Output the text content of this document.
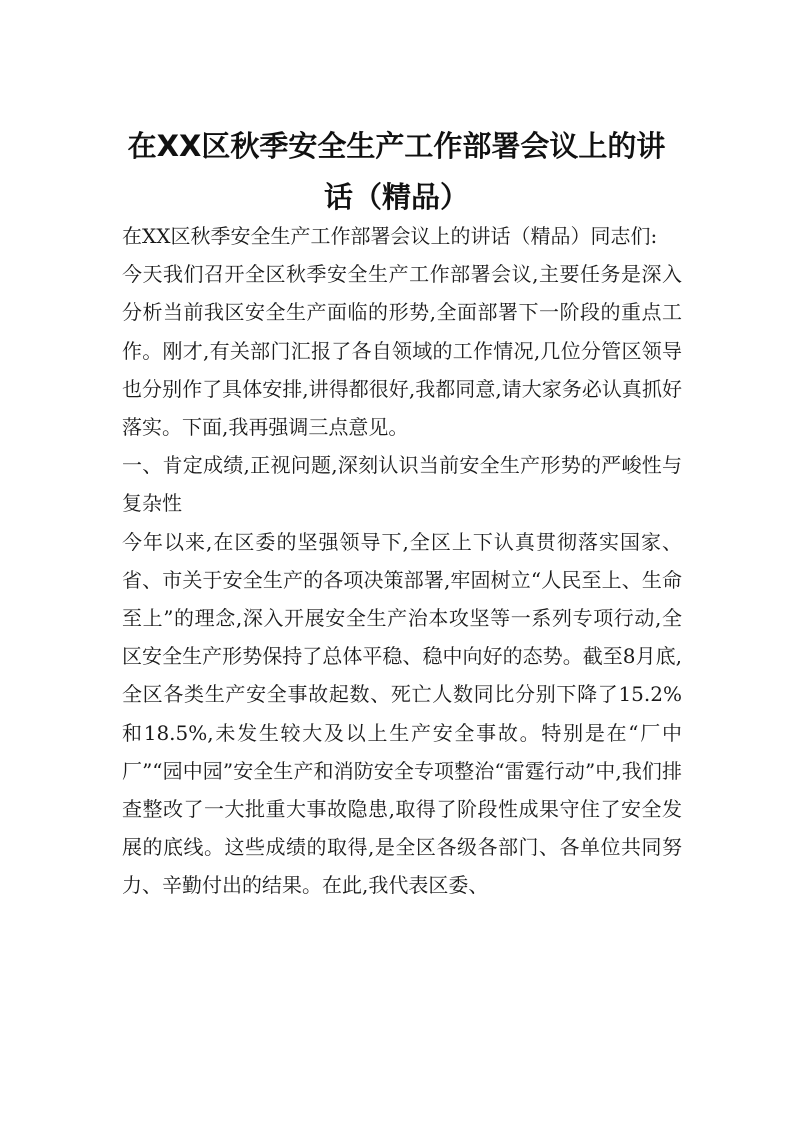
在XX区秋季安全生产工作部署会议上的讲
话（精品）

在XX区秋季安全生产工作部署会议上的讲话（精品）同志们:

今天我们召开全区秋季安全生产工作部署会议,主要任务是深入分析当前我区安全生产面临的形势,全面部署下一阶段的重点工作。刚才,有关部门汇报了各自领域的工作情况,几位分管区领导也分别作了具体安排,讲得都很好,我都同意,请大家务必认真抓好落实。下面,我再强调三点意见。

一、肯定成绩,正视问题,深刻认识当前安全生产形势的严峻性与复杂性

今年以来,在区委的坚强领导下,全区上下认真贯彻落实国家、省、市关于安全生产的各项决策部署,牢固树立“人民至上、生命至上”的理念,深入开展安全生产治本攻坚等一系列专项行动,全区安全生产形势保持了总体平稳、稳中向好的态势。截至8月底,全区各类生产安全事故起数、死亡人数同比分别下降了15.2%和18.5%,未发生较大及以上生产安全事故。特别是在“厂中厂”“园中园”安全生产和消防安全专项整治“雷霆行动”中,我们排查整改了一大批重大事故隐患,取得了阶段性成果守住了安全发展的底线。这些成绩的取得,是全区各级各部门、各单位共同努力、辛勤付出的结果。在此,我代表区委、
